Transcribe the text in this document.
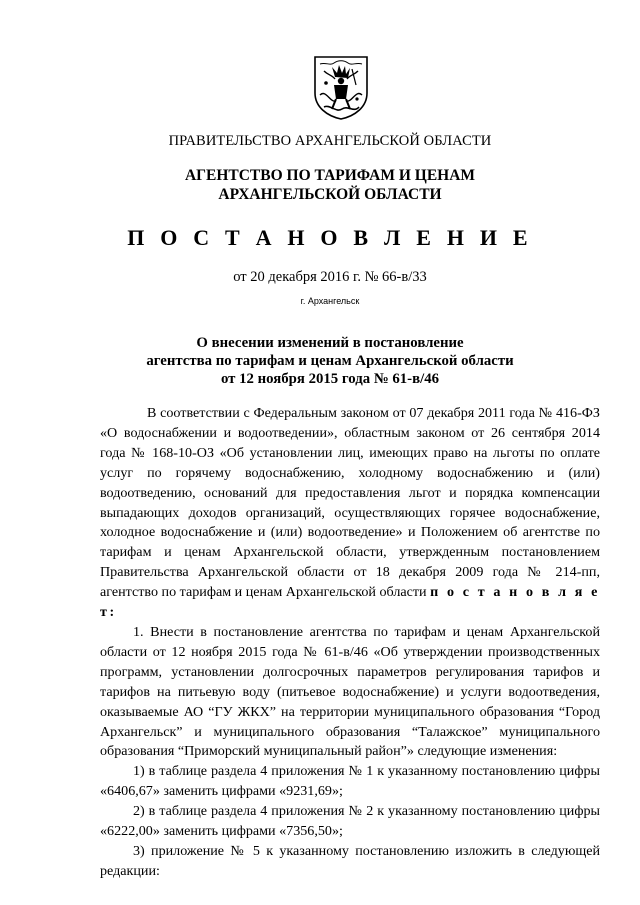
ПРАВИТЕЛЬСТВО АРХАНГЕЛЬСКОЙ ОБЛАСТИ
АГЕНТСТВО ПО ТАРИФАМ И ЦЕНАМ
АРХАНГЕЛЬСКОЙ ОБЛАСТИ
П О С Т А Н О В Л Е Н И Е
от 20 декабря 2016 г. № 66-в/33
г. Архангельск
О внесении изменений в постановление
агентства по тарифам и ценам Архангельской области
от 12 ноября 2015 года № 61-в/46

В соответствии с Федеральным законом от 07 декабря 2011 года № 416-ФЗ «О водоснабжении и водоотведении», областным законом от 26 сентября 2014 года № 168-10-ОЗ «Об установлении лиц, имеющих право на льготы по оплате услуг по горячему водоснабжению, холодному водоснабжению и (или) водоотведению, оснований для предоставления льгот и порядка компенсации выпадающих доходов организаций, осуществляющих горячее водоснабжение, холодное водоснабжение и (или) водоотведение» и Положением об агентстве по тарифам и ценам Архангельской области, утвержденным постановлением Правительства Архангельской области от 18 декабря 2009 года № 214-пп, агентство по тарифам и ценам Архангельской области п о с т а н о в л я е т:

1. Внести в постановление агентства по тарифам и ценам Архангельской области от 12 ноября 2015 года № 61-в/46 «Об утверждении производственных программ, установлении долгосрочных параметров регулирования тарифов и тарифов на питьевую воду (питьевое водоснабжение) и услуги водоотведения, оказываемые АО “ГУ ЖКХ” на территории муниципального образования “Город Архангельск” и муниципального образования “Талажское” муниципального образования “Приморский муниципальный район”» следующие изменения:

1) в таблице раздела 4 приложения № 1 к указанному постановлению цифры «6406,67» заменить цифрами «9231,69»;

2) в таблице раздела 4 приложения № 2 к указанному постановлению цифры «6222,00» заменить цифрами «7356,50»;

3) приложение № 5 к указанному постановлению изложить в следующей редакции:
